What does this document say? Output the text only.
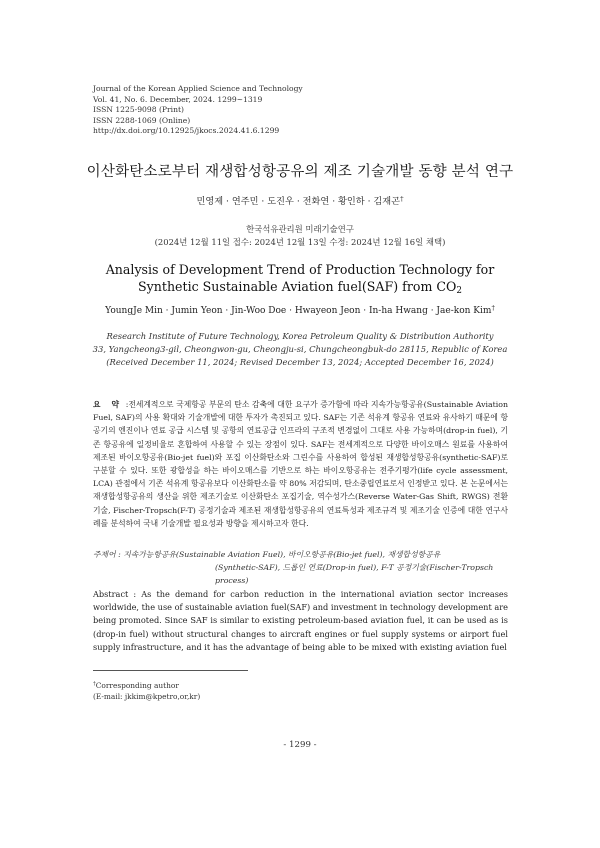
Journal of the Korean Applied Science and Technology
Vol. 41, No. 6. December, 2024. 1299~1319
ISSN 1225-9098 (Print)
ISSN 2288-1069 (Online)
http://dx.doi.org/10.12925/jkocs.2024.41.6.1299
이산화탄소로부터 재생합성항공유의 제조 기술개발 동향 분석 연구
민영제 · 연주민 · 도진우 · 전화연 · 황인하 · 김재곤†
한국석유관리원 미래기술연구
(2024년 12월 11일 접수: 2024년 12월 13일 수정: 2024년 12월 16일 채택)
Analysis of Development Trend of Production Technology for
Synthetic Sustainable Aviation fuel(SAF) from $CO_2$
YoungJe Min · Jumin Yeon · Jin-Woo Doe · Hwayeon Jeon · In-ha Hwang · Jae-kon Kim†
Research Institute of Future Technology, Korea Petroleum Quality & Distribution Authority
33, Yangcheong3-gil, Cheongwon-gu, Cheongju-si, Chungcheongbuk-do 28115, Republic of Korea
(Received December 11, 2024; Revised December 13, 2024; Accepted December 16, 2024)
요 약 :전세계적으로 국제항공 부문의 탄소 감축에 대한 요구가 증가함에 따라 지속가능항공유(Sustainable Aviation Fuel, SAF)의 사용 확대와 기술개발에 대한 투자가 촉진되고 있다. SAF는 기존 석유계 항공유 연료와 유사하기 때문에 항공기의 엔진이나 연료 공급 시스템 및 공항의 연료공급 인프라의 구조적 변경없이 그대로 사용 가능하며(drop-in fuel), 기존 항공유에 일정비율로 혼합하여 사용할 수 있는 장점이 있다. SAF는 전세계적으로 다양한 바이오매스 원료를 사용하여 제조된 바이오항공유(Bio-jet fuel)와 포집 이산화탄소와 그린수를 사용하여 합성된 재생합성항공유(synthetic-SAF)로 구분할 수 있다. 또한 광합성을 하는 바이오매스를 기반으로 하는 바이오항공유는 전주기평가(life cycle assessment, LCA) 관점에서 기존 석유계 항공유보다 이산화탄소를 약 80% 저감되며, 탄소중립연료로서 인정받고 있다. 본 논문에서는 재생합성항공유의 생산을 위한 제조기술로 이산화탄소 포집기술, 역수성가스(Reverse Water-Gas Shift, RWGS) 전환기술, Fischer-Tropsch(F-T) 공정기술과 제조된 재생합성항공유의 연료특성과 제조규격 및 제조기술 인증에 대한 연구사례를 분석하여 국내 기술개발 필요성과 방향을 제시하고자 한다.
주제어 : 지속가능항공유(Sustainable Aviation Fuel), 바이오항공유(Bio-jet fuel), 재생합성항공유
(Synthetic-SAF), 드롭인 연료(Drop-in fuel), F-T 공정기술(Fischer-Tropsch process)
Abstract : As the demand for carbon reduction in the international aviation sector increases worldwide, the use of sustainable aviation fuel(SAF) and investment in technology development are being promoted. Since SAF is similar to existing petroleum-based aviation fuel, it can be used as is (drop-in fuel) without structural changes to aircraft engines or fuel supply systems or airport fuel supply infrastructure, and it has the advantage of being able to be mixed with existing aviation fuel
†Corresponding author
(E-mail: jkkim@kpetro,or,kr)
- 1299 -
